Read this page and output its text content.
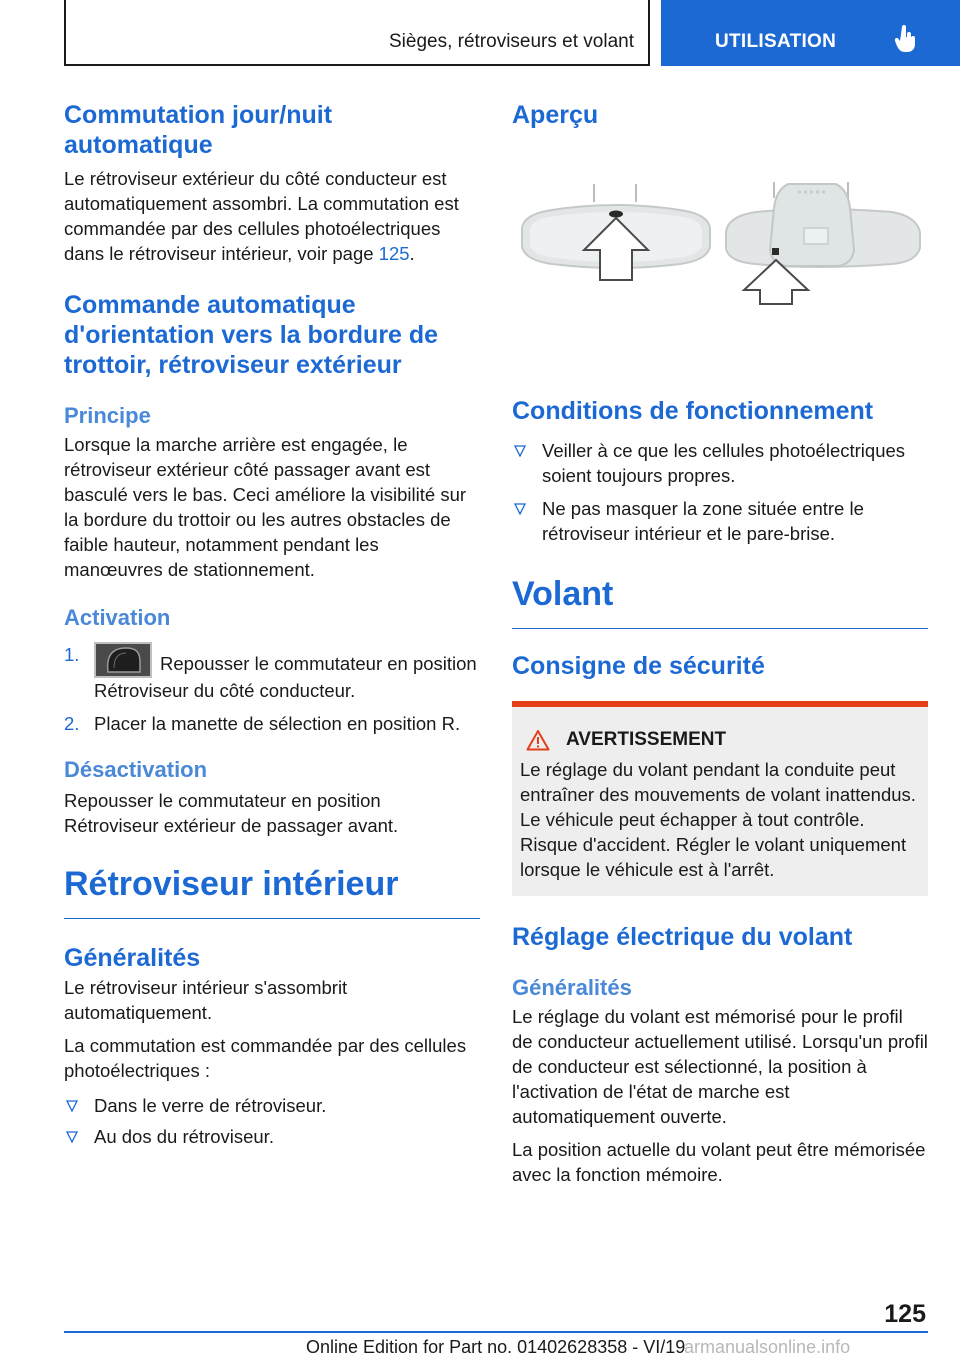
Sièges, rétroviseurs et volant	UTILISATION
Commutation jour/nuit automatique
Le rétroviseur extérieur du côté conducteur est automatiquement assombri. La commutation est commandée par des cellules photoélectriques dans le rétroviseur intérieur, voir page 125.
Commande automatique d'orientation vers la bordure de trottoir, rétroviseur extérieur
Principe
Lorsque la marche arrière est engagée, le rétroviseur extérieur côté passager avant est basculé vers le bas. Ceci améliore la visibilité sur la bordure du trottoir ou les autres obstacles de faible hauteur, notamment pendant les manœuvres de stationnement.
Activation
1.	Repousser le commutateur en position Rétroviseur du côté conducteur.
2. Placer la manette de sélection en position R.
Désactivation
Repousser le commutateur en position Rétroviseur extérieur de passager avant.
Rétroviseur intérieur
Généralités
Le rétroviseur intérieur s'assombrit automatiquement.
La commutation est commandée par des cellules photoélectriques :
Dans le verre de rétroviseur.
Au dos du rétroviseur.
Aperçu
Conditions de fonctionnement
Veiller à ce que les cellules photoélectriques soient toujours propres.
Ne pas masquer la zone située entre le rétroviseur intérieur et le pare-brise.
Volant
Consigne de sécurité
AVERTISSEMENT
Le réglage du volant pendant la conduite peut entraîner des mouvements de volant inattendus. Le véhicule peut échapper à tout contrôle. Risque d'accident. Régler le volant uniquement lorsque le véhicule est à l'arrêt.
Réglage électrique du volant
Généralités
Le réglage du volant est mémorisé pour le profil de conducteur actuellement utilisé. Lorsqu'un profil de conducteur est sélectionné, la position à l'activation de l'état de marche est automatiquement ouverte.
La position actuelle du volant peut être mémorisée avec la fonction mémoire.
125
Online Edition for Part no. 01402628358 - VI/19
armanualsonline.info
